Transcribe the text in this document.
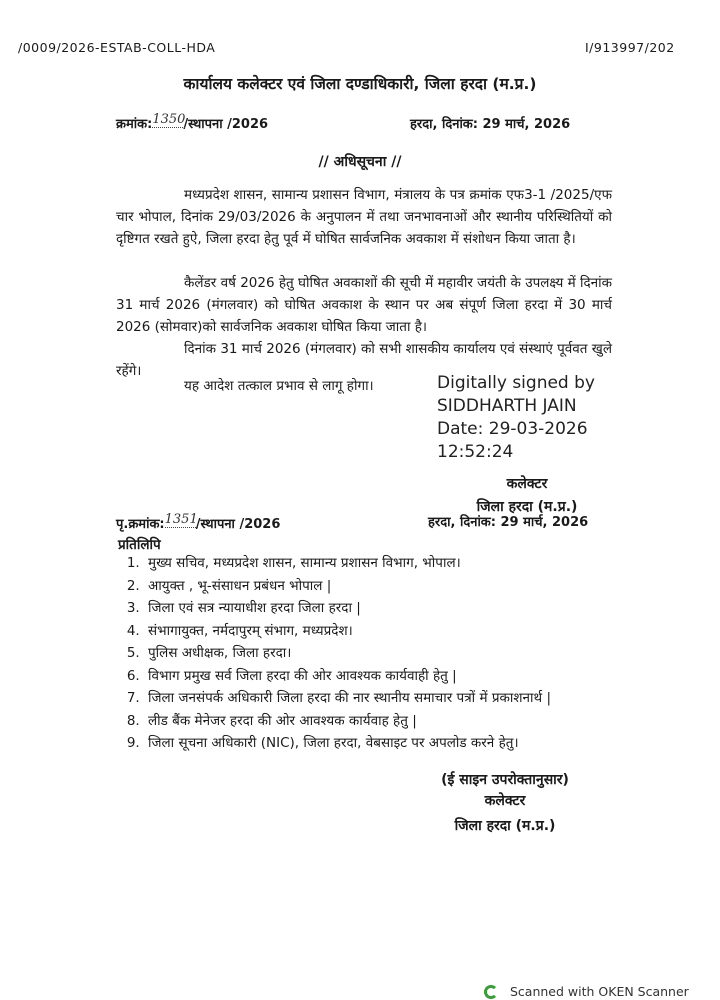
/0009/2026-ESTAB-COLL-HDA	I/913997/202
कार्यालय कलेक्टर एवं जिला दण्डाधिकारी, जिला हरदा (म.प्र.)
क्रमांक:1350/स्थापना /2026	हरदा, दिनांक: 29 मार्च, 2026
// अधिसूचना //
मध्यप्रदेश शासन, सामान्य प्रशासन विभाग, मंत्रालय के पत्र क्रमांक एफ3-1 /2025/एफ चार भोपाल, दिनांक 29/03/2026 के अनुपालन में तथा जनभावनाओं और स्थानीय परिस्थितियों को दृष्टिगत रखते हुऐ, जिला हरदा हेतु पूर्व में घोषित सार्वजनिक अवकाश में संशोधन किया जाता है।
कैलेंडर वर्ष 2026 हेतु घोषित अवकाशों की सूची में महावीर जयंती के उपलक्ष्य में दिनांक 31 मार्च 2026 (मंगलवार) को घोषित अवकाश के स्थान पर अब संपूर्ण जिला हरदा में 30 मार्च 2026 (सोमवार)को सार्वजनिक अवकाश घोषित किया जाता है।
दिनांक 31 मार्च 2026 (मंगलवार) को सभी शासकीय कार्यालय एवं संस्थाएं पूर्ववत खुले रहेंगे।
यह आदेश तत्काल प्रभाव से लागू होगा।	Digitally signed by
SIDDHARTH JAIN
Date: 29-03-2026
12:52:24
कलेक्टर
जिला हरदा (म.प्र.)
पृ.क्रमांक:1351/स्थापना /2026	हरदा, दिनांक: 29 मार्च, 2026
प्रतिलिपि
1. मुख्य सचिव, मध्यप्रदेश शासन, सामान्य प्रशासन विभाग, भोपाल।
2. आयुक्त , भू-संसाधन प्रबंधन भोपाल |
3. जिला एवं सत्र न्यायाधीश हरदा जिला हरदा |
4. संभागायुक्त, नर्मदापुरम् संभाग, मध्यप्रदेश।
5. पुलिस अधीक्षक, जिला हरदा।
6. विभाग प्रमुख सर्व जिला हरदा की ओर आवश्यक कार्यवाही हेतु |
7. जिला जनसंपर्क अधिकारी जिला हरदा की नार स्थानीय समाचार पत्रों में प्रकाशनार्थ |
8. लीड बैंक मेनेजर हरदा की ओर आवश्यक कार्यवाह हेतु |
9. जिला सूचना अधिकारी (NIC), जिला हरदा, वेबसाइट पर अपलोड करने हेतु।
(ई साइन उपरोक्तानुसार)
कलेक्टर
जिला हरदा (म.प्र.)
Scanned with OKEN Scanner
